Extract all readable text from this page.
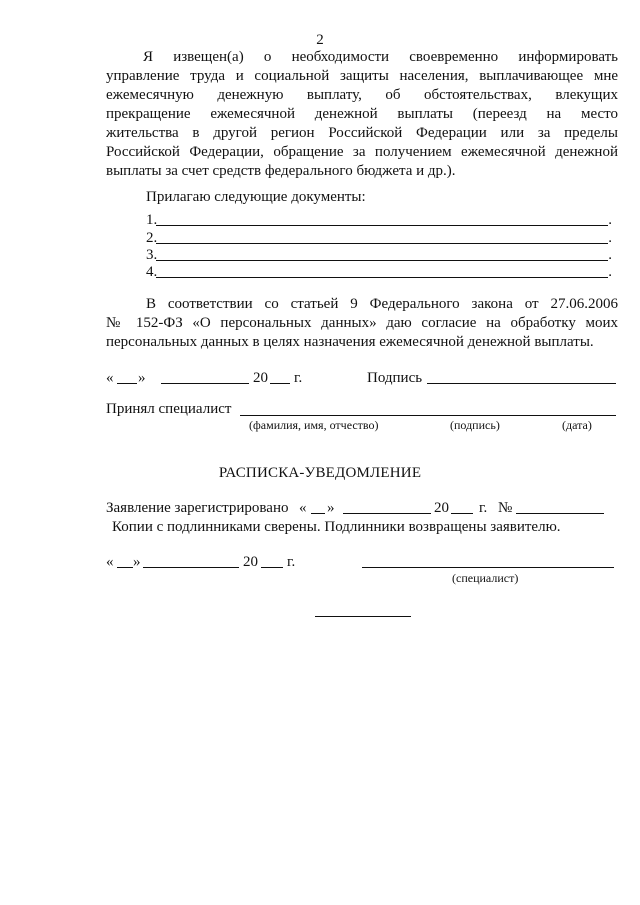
2
Я извещен(а) о необходимости своевременно информировать
управление труда и социальной защиты населения, выплачивающее мне
ежемесячную денежную выплату, об обстоятельствах, влекущих
прекращение ежемесячной денежной выплаты (переезд на место
жительства в другой регион Российской Федерации или за пределы
Российской Федерации, обращение за получением ежемесячной денежной
выплаты за счет средств федерального бюджета и др.).
Прилагаю следующие документы:
1.	.
2.	.
3.	.
4.	.
В соответствии со статьей 9 Федерального закона от 27.06.2006
№ 152-ФЗ «О персональных данных» даю согласие на обработку моих
персональных данных в целях назначения ежемесячной денежной выплаты.
« »	20 г.	Подпись
Принял специалист
(фамилия, имя, отчество)	(подпись)	(дата)
РАСПИСКА-УВЕДОМЛЕНИЕ
Заявление зарегистрировано « »	20 г. №
Копии с подлинниками сверены. Подлинники возвращены заявителю.
« »	20 г.
(специалист)
